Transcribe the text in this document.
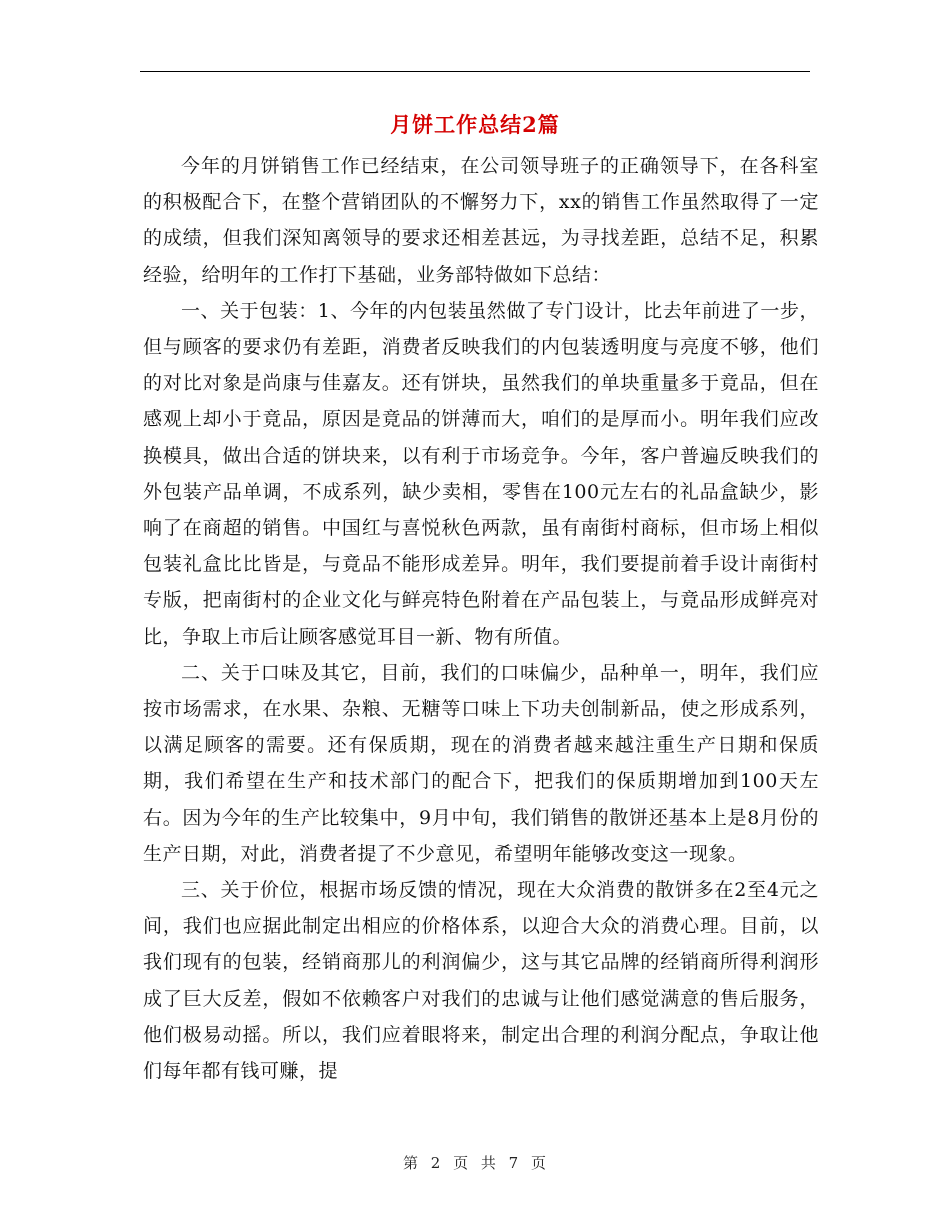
月饼工作总结2篇

今年的月饼销售工作已经结束，在公司领导班子的正确领导下，在各科室的积极配合下，在整个营销团队的不懈努力下，xx的销售工作虽然取得了一定的成绩，但我们深知离领导的要求还相差甚远，为寻找差距，总结不足，积累经验，给明年的工作打下基础，业务部特做如下总结：

一、关于包装：1、今年的内包装虽然做了专门设计，比去年前进了一步，但与顾客的要求仍有差距，消费者反映我们的内包装透明度与亮度不够，他们的对比对象是尚康与佳嘉友。还有饼块，虽然我们的单块重量多于竟品，但在感观上却小于竟品，原因是竟品的饼薄而大，咱们的是厚而小。明年我们应改换模具，做出合适的饼块来，以有利于市场竞争。今年，客户普遍反映我们的外包装产品单调，不成系列，缺少卖相，零售在100元左右的礼品盒缺少，影响了在商超的销售。中国红与喜悦秋色两款，虽有南街村商标，但市场上相似包装礼盒比比皆是，与竟品不能形成差异。明年，我们要提前着手设计南街村专版，把南街村的企业文化与鲜亮特色附着在产品包装上，与竟品形成鲜亮对比，争取上市后让顾客感觉耳目一新、物有所值。

二、关于口味及其它，目前，我们的口味偏少，品种单一，明年，我们应按市场需求，在水果、杂粮、无糖等口味上下功夫创制新品，使之形成系列，以满足顾客的需要。还有保质期，现在的消费者越来越注重生产日期和保质期，我们希望在生产和技术部门的配合下，把我们的保质期增加到100天左右。因为今年的生产比较集中，9月中旬，我们销售的散饼还基本上是8月份的生产日期，对此，消费者提了不少意见，希望明年能够改变这一现象。

三、关于价位，根据市场反馈的情况，现在大众消费的散饼多在2至4元之间，我们也应据此制定出相应的价格体系，以迎合大众的消费心理。目前，以我们现有的包装，经销商那儿的利润偏少，这与其它品牌的经销商所得利润形成了巨大反差，假如不依赖客户对我们的忠诚与让他们感觉满意的售后服务，他们极易动摇。所以，我们应着眼将来，制定出合理的利润分配点，争取让他们每年都有钱可赚，提

第 2 页 共 7 页
